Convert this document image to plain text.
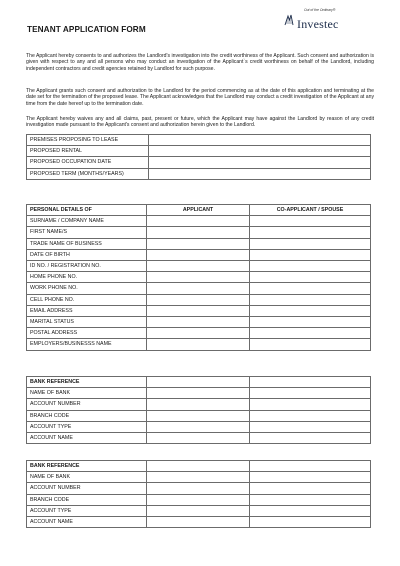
TENANT APPLICATION FORM
Out of the Ordinary®
Investec
The Applicant hereby consents to and authorizes the Landlord's investigation into the credit worthiness of the Applicant. Such consent and authorization is given with respect to any and all persons who may conduct an investigation of the Applicant`s credit worthiness on behalf of the Landlord, including independent contractors and credit agencies retained by Landlord for such purpose.
The Applicant grants such consent and authorization to the Landlord for the period commencing as at the date of this application and terminating at the date set for the termination of the proposed lease. The Applicant acknowledges that the Landlord may conduct a credit investigation of the Applicant at any time from the date hereof up to the termination date.
The Applicant hereby waives any and all claims, past, present or future, which the Applicant may have against the Landlord by reason of any credit investigation made pursuant to the Applicant's consent and authorization herein given to the Landlord.
PREMISES PROPOSING TO LEASE	
PROPOSED RENTAL	
PROPOSED OCCUPATION DATE	
PROPOSED TERM (MONTHS/YEARS)	
PERSONAL DETAILS OF	APPLICANT	CO-APPLICANT / SPOUSE
SURNAME / COMPANY NAME		
FIRST NAME/S		
TRADE NAME OF BUSINESS		
DATE OF BIRTH		
ID NO. / REGISTRATION NO.		
HOME PHONE NO.		
WORK PHONE NO.		
CELL PHONE NO.		
EMAIL ADDRESS		
MARITAL STATUS		
POSTAL ADDRESS		
EMPLOYERS/BUSINESSS NAME		
BANK REFERENCE		
NAME OF BANK		
ACCOUNT NUMBER		
BRANCH CODE		
ACCOUNT TYPE		
ACCOUNT NAME		
BANK REFERENCE		
NAME OF BANK		
ACCOUNT NUMBER		
BRANCH CODE		
ACCOUNT TYPE		
ACCOUNT NAME		
